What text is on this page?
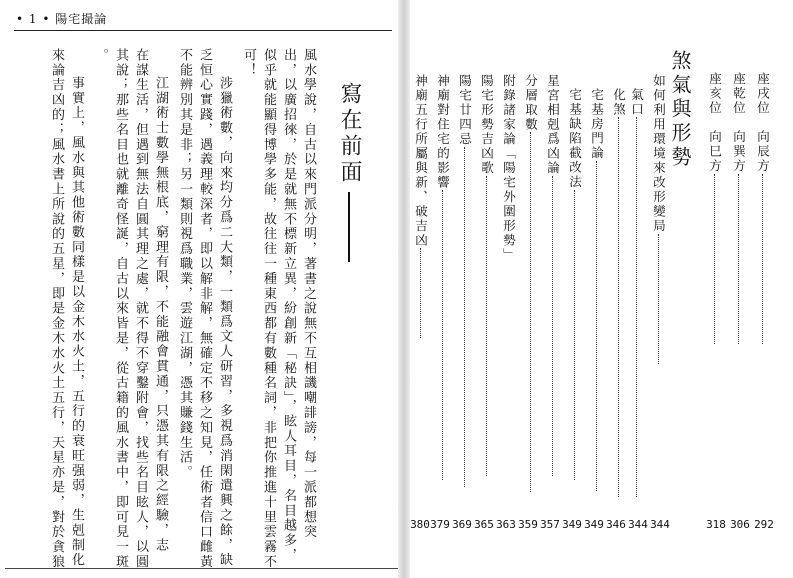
• 1 • 陽宅撮論
寫在前面
風水學說，自古以來門派分明，著書之說無不互相譏嘲誹謗，每一派都想突
出，以廣招徠，於是就無不標新立異，紛創新「秘訣」，眩人耳目，名目越多，
似乎就能顯得博學多能，故往往一種東西都有數種名詞，非把你推進十里雲霧不
可！
涉獵術數，向來均分爲二大類，一類爲文人研習，多視爲消閑遣興之餘，缺
乏恒心實踐，遇義理較深者，即以解非解，無確定不移之知見，任術者信口雌黃
不能辨別其是非；另一類則視爲職業，雲遊江湖，憑其賺錢生活。
江湖術士數學無根底，窮理有限，不能融會貫通，只憑其有限之經驗，志
在謀生活，但遇到無法自圓其理之處，就不得不穿鑿附會，找些名目眩人，以圓
其說；那些名目也就離奇怪誕，自古以來皆是，從古籍的風水書中，即可見一斑
。
事實上，風水與其他術數同樣是以金木水火土，五行的衰旺强弱，生剋制化
來論吉凶的；風水書上所說的五星，即是金木水火土五行，天星亦是，對於貪狼	座戌位　向辰方
292
座乾位　向巽方
306
座亥位　向巳方
318
煞氣與形勢
如何利用環境來改形變局
344
氣口
344
化煞
346
宅基房門論
349
宅基缺陷截改法
349
星宮相剋爲凶論
357
分層取數
359
附錄諸家論「陽宅外圍形勢」
363
陽宅形勢吉凶歌
365
陽宅廿四忌
369
神廟對住宅的影響
379
神廟五行所屬與新、破吉凶
380
